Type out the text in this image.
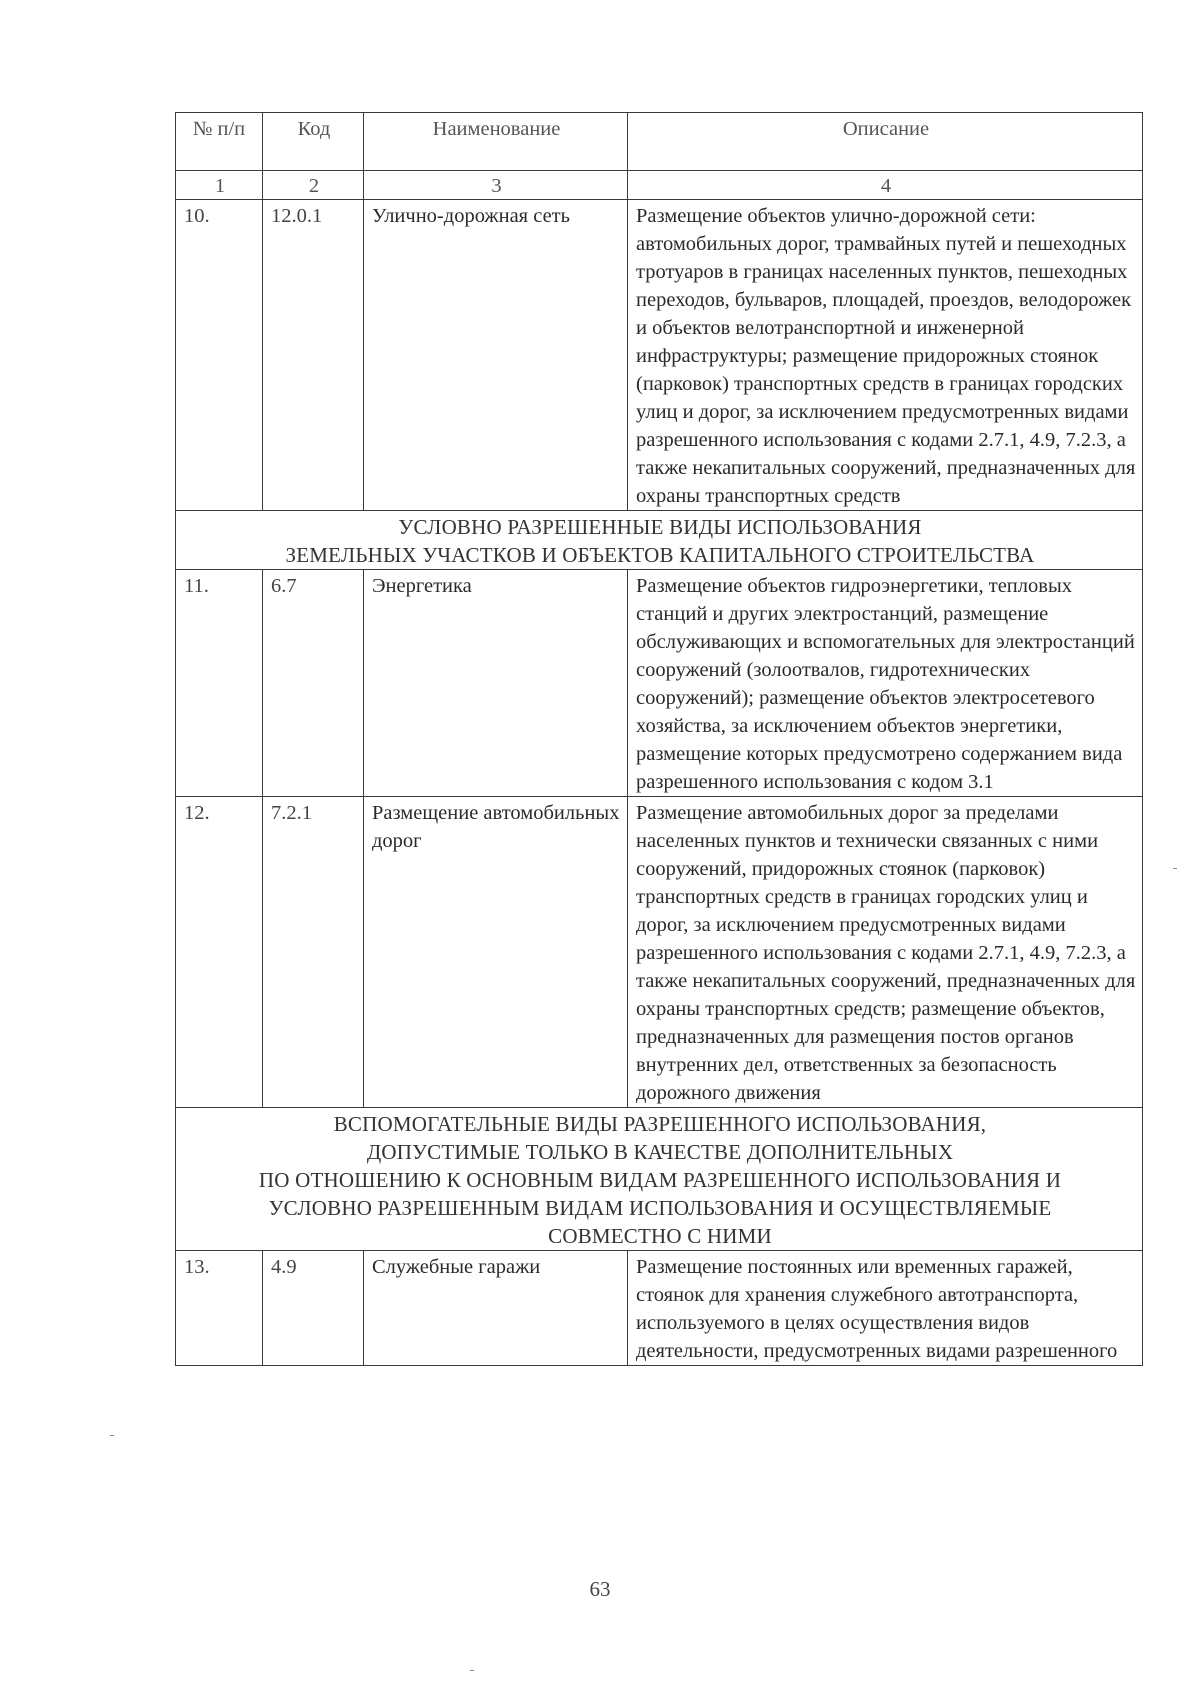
№ п/п	Код	Наименование	Описание
1	2	3	4
10.	12.0.1	Улично-дорожная сеть	Размещение объектов улично-дорожной сети: автомобильных дорог, трамвайных путей и пешеходных тротуаров в границах населенных пунктов, пешеходных переходов, бульваров, площадей, проездов, велодорожек и объектов велотранспортной и инженерной инфраструктуры; размещение придорожных стоянок (парковок) транспортных средств в границах городских улиц и дорог, за исключением предусмотренных видами разрешенного использования с кодами 2.7.1, 4.9, 7.2.3, а также некапитальных сооружений, предназначенных для охраны транспортных средств

УСЛОВНО РАЗРЕШЕННЫЕ ВИДЫ ИСПОЛЬЗОВАНИЯ
ЗЕМЕЛЬНЫХ УЧАСТКОВ И ОБЪЕКТОВ КАПИТАЛЬНОГО СТРОИТЕЛЬСТВА			

11.	6.7	Энергетика	Размещение объектов гидроэнергетики, тепловых станций и других электростанций, размещение обслуживающих и вспомогательных для электростанций сооружений (золоотвалов, гидротехнических сооружений); размещение объектов электросетевого хозяйства, за исключением объектов энергетики, размещение которых предусмотрено содержанием вида разрешенного использования с кодом 3.1
12.	7.2.1	Размещение автомобильных дорог	Размещение автомобильных дорог за пределами населенных пунктов и технически связанных с ними сооружений, придорожных стоянок (парковок) транспортных средств в границах городских улиц и дорог, за исключением предусмотренных видами разрешенного использования с кодами 2.7.1, 4.9, 7.2.3, а также некапитальных сооружений, предназначенных для охраны транспортных средств; размещение объектов, предназначенных для размещения постов органов внутренних дел, ответственных за безопасность дорожного движения

ВСПОМОГАТЕЛЬНЫЕ ВИДЫ РАЗРЕШЕННОГО ИСПОЛЬЗОВАНИЯ,
ДОПУСТИМЫЕ ТОЛЬКО В КАЧЕСТВЕ ДОПОЛНИТЕЛЬНЫХ
ПО ОТНОШЕНИЮ К ОСНОВНЫМ ВИДАМ РАЗРЕШЕННОГО ИСПОЛЬЗОВАНИЯ И
УСЛОВНО РАЗРЕШЕННЫМ ВИДАМ ИСПОЛЬЗОВАНИЯ И ОСУЩЕСТВЛЯЕМЫЕ
СОВМЕСТНО С НИМИ			

13.	4.9	Служебные гаражи	Размещение постоянных или временных гаражей, стоянок для хранения служебного автотранспорта, используемого в целях осуществления видов деятельности, предусмотренных видами разрешенного
63
